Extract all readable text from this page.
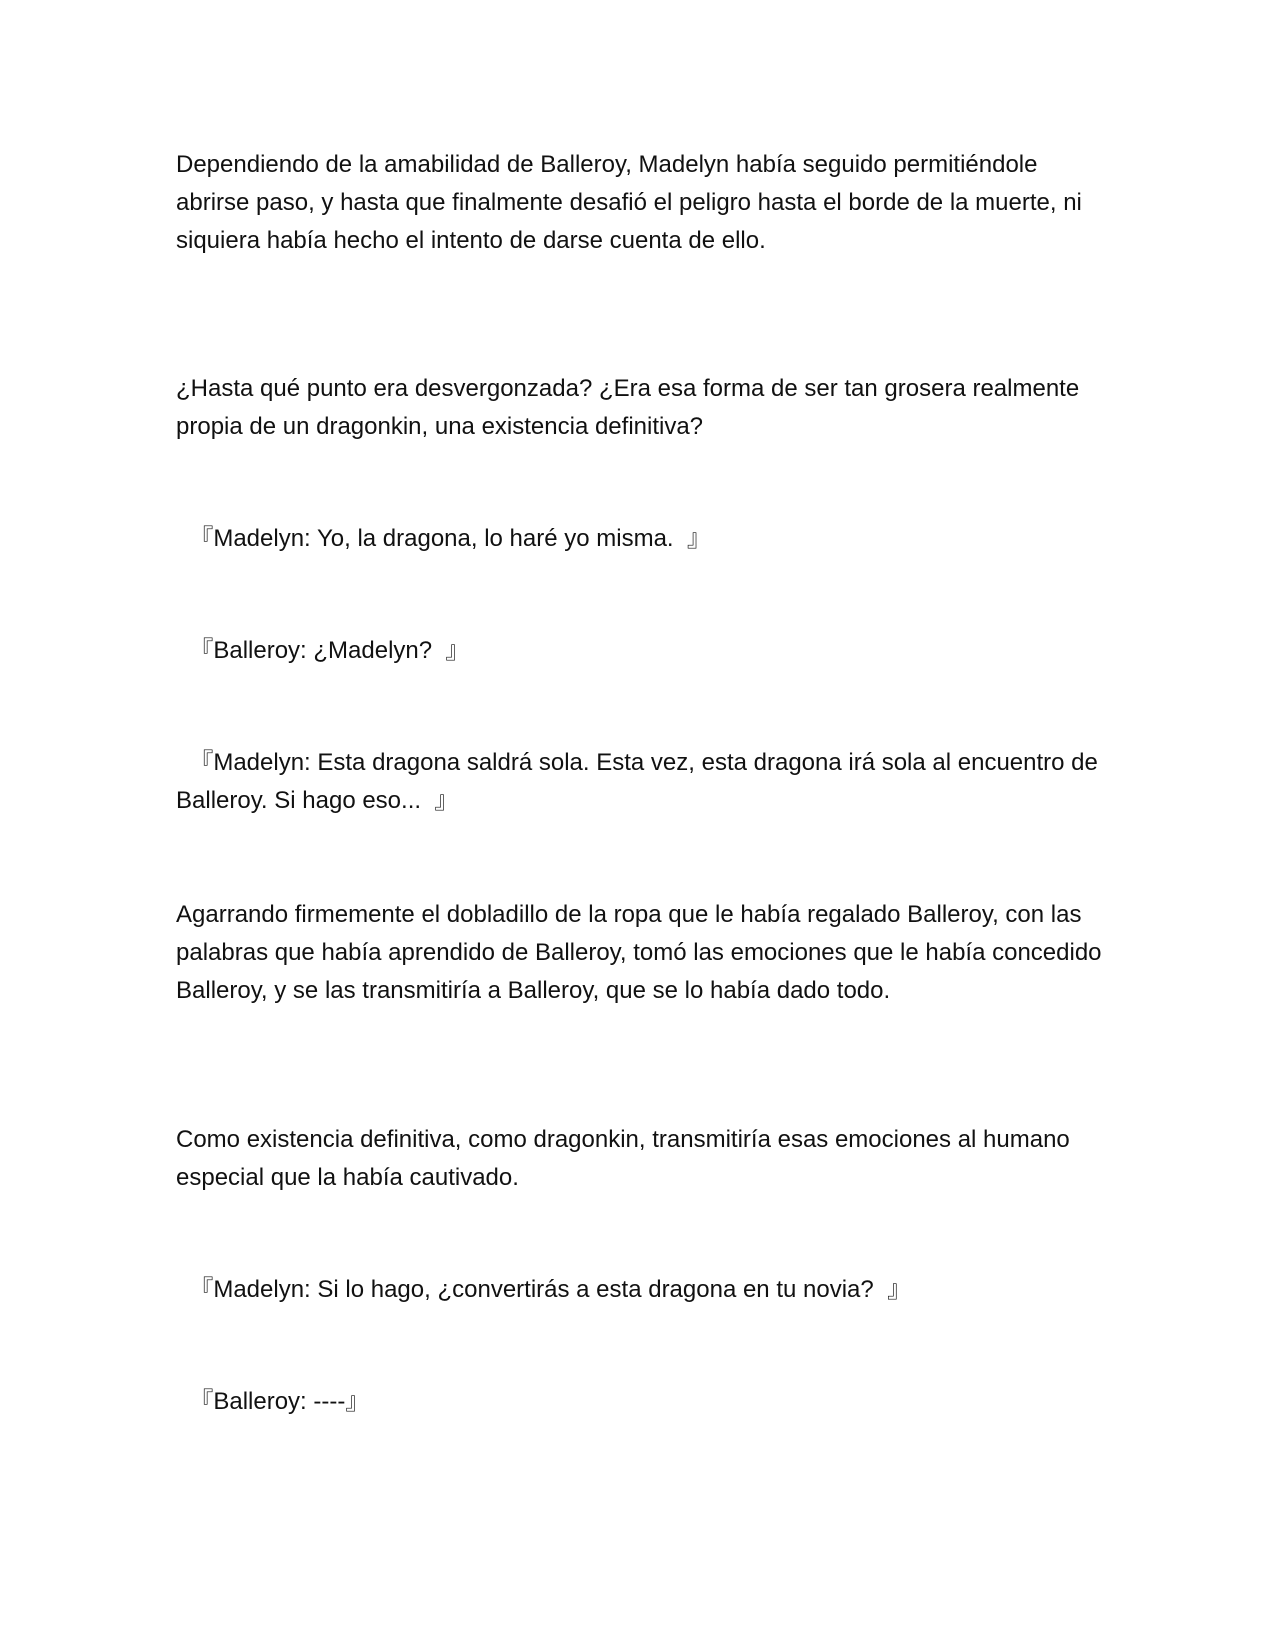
Dependiendo de la amabilidad de Balleroy, Madelyn había seguido permitiéndole abrirse paso, y hasta que finalmente desafió el peligro hasta el borde de la muerte, ni siquiera había hecho el intento de darse cuenta de ello.

¿Hasta qué punto era desvergonzada? ¿Era esa forma de ser tan grosera realmente propia de un dragonkin, una existencia definitiva?

『Madelyn: Yo, la dragona, lo haré yo misma.  』

『Balleroy: ¿Madelyn?  』

『Madelyn: Esta dragona saldrá sola. Esta vez, esta dragona irá sola al encuentro de Balleroy. Si hago eso...  』

Agarrando firmemente el dobladillo de la ropa que le había regalado Balleroy, con las palabras que había aprendido de Balleroy, tomó las emociones que le había concedido Balleroy, y se las transmitiría a Balleroy, que se lo había dado todo.

Como existencia definitiva, como dragonkin, transmitiría esas emociones al humano especial que la había cautivado.

『Madelyn: Si lo hago, ¿convertirás a esta dragona en tu novia?  』

『Balleroy: ----』
